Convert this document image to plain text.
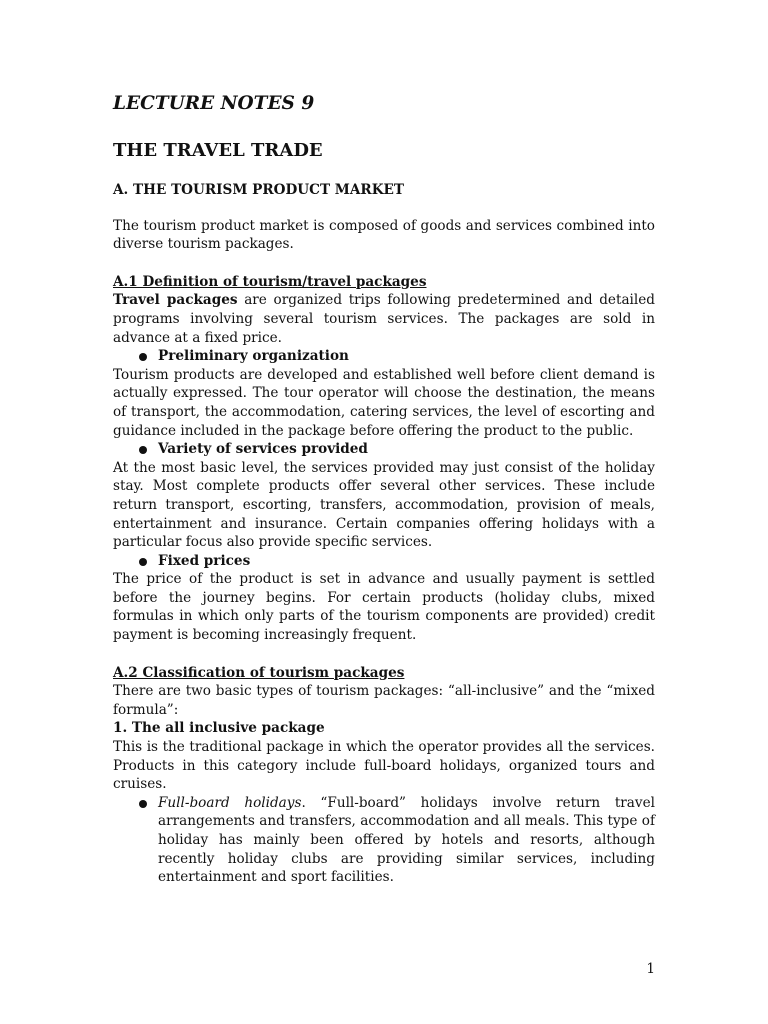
LECTURE NOTES 9

THE TRAVEL TRADE

A. THE TOURISM PRODUCT MARKET

The tourism product market is composed of goods and services combined into diverse tourism packages.

A.1 Definition of tourism/travel packages

Travel packages are organized trips following predetermined and detailed programs involving several tourism services. The packages are sold in advance at a fixed price.

Preliminary organization

Tourism products are developed and established well before client demand is actually expressed. The tour operator will choose the destination, the means of transport, the accommodation, catering services, the level of escorting and guidance included in the package before offering the product to the public.

Variety of services provided

At the most basic level, the services provided may just consist of the holiday stay. Most complete products offer several other services. These include return transport, escorting, transfers, accommodation, provision of meals, entertainment and insurance. Certain companies offering holidays with a particular focus also provide specific services.

Fixed prices

The price of the product is set in advance and usually payment is settled before the journey begins. For certain products (holiday clubs, mixed formulas in which only parts of the tourism components are provided) credit payment is becoming increasingly frequent.

A.2 Classification of tourism packages

There are two basic types of tourism packages: “all-inclusive” and the “mixed formula”:

1. The all inclusive package

This is the traditional package in which the operator provides all the services. Products in this category include full-board holidays, organized tours and cruises.

Full-board holidays. “Full-board” holidays involve return travel arrangements and transfers, accommodation and all meals. This type of holiday has mainly been offered by hotels and resorts, although recently holiday clubs are providing similar services, including entertainment and sport facilities.

1
